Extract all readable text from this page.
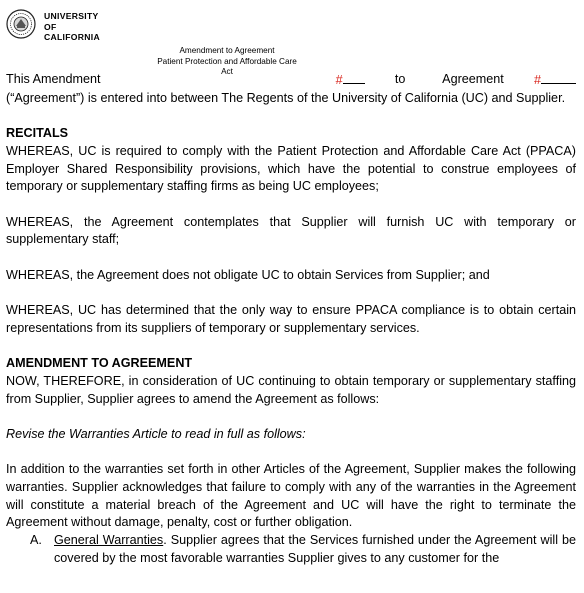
UNIVERSITY
OF
CALIFORNIA
Amendment to Agreement
Patient Protection and Affordable Care
Act
This Amendment	#	to Agreement #

(“Agreement”) is entered into between The Regents of the University of California (UC) and Supplier.

RECITALS

WHEREAS, UC is required to comply with the Patient Protection and Affordable Care Act (PPACA) Employer Shared Responsibility provisions, which have the potential to construe employees of temporary or supplementary staffing firms as being UC employees;

WHEREAS, the Agreement contemplates that Supplier will furnish UC with temporary or supplementary staff;

WHEREAS, the Agreement does not obligate UC to obtain Services from Supplier; and

WHEREAS, UC has determined that the only way to ensure PPACA compliance is to obtain certain representations from its suppliers of temporary or supplementary services.

AMENDMENT TO AGREEMENT

NOW, THEREFORE, in consideration of UC continuing to obtain temporary or supplementary staffing from Supplier, Supplier agrees to amend the Agreement as follows:

Revise the Warranties Article to read in full as follows:

In addition to the warranties set forth in other Articles of the Agreement, Supplier makes the following warranties. Supplier acknowledges that failure to comply with any of the warranties in the Agreement will constitute a material breach of the Agreement and UC will have the right to terminate the Agreement without damage, penalty, cost or further obligation.

A. General Warranties. Supplier agrees that the Services furnished under the Agreement will be covered by the most favorable warranties Supplier gives to any customer for the
